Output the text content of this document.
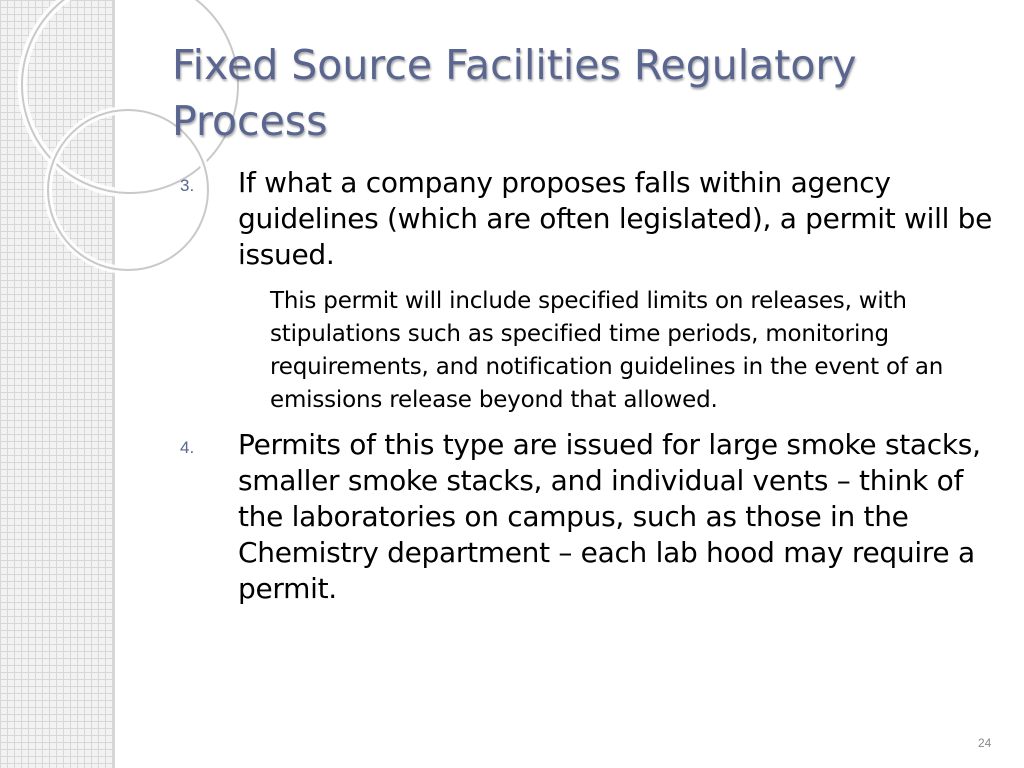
Fixed Source Facilities Regulatory Process
3. If what a company proposes falls within agency guidelines (which are often legislated), a permit will be issued.
This permit will include specified limits on releases, with stipulations such as specified time periods, monitoring requirements, and notification guidelines in the event of an emissions release beyond that allowed.
4. Permits of this type are issued for large smoke stacks, smaller smoke stacks, and individual vents – think of the laboratories on campus, such as those in the Chemistry department – each lab hood may require a permit.
24
